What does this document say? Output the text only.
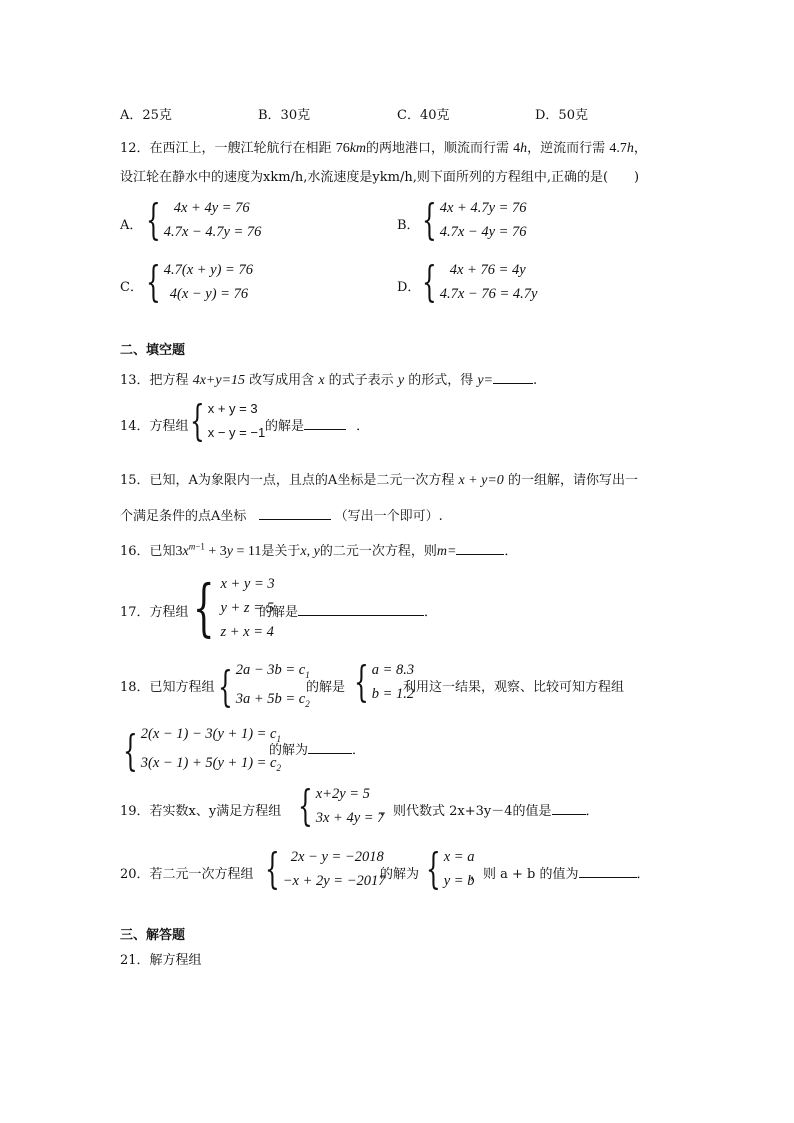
A．25克	B．30克	C．40克	D．50克
12．在西江上，一艘江轮航行在相距 76km的两地港口，顺流而行需 4h，逆流而行需 4.7h，
设江轮在静水中的速度为xkm/h,水流速度是ykm/h,则下面所列的方程组中,正确的是(　　)
A． { 4x + 4y = 76
4.7x − 4.7y = 76	B． { 4x + 4.7y = 76
4.7x − 4y = 76
C． { 4.7(x + y) = 76
4(x − y) = 76	D． { 4x + 76 = 4y
4.7x − 76 = 4.7y
二、填空题
13．把方程 4x+y=15 改写成用含 x 的式子表示 y 的形式，得 y=	.
14．方程组 { x + y = 3
x − y = −1 的解是	．
15．已知，A为象限内一点，且点的A坐标是二元一次方程 x + y=0 的一组解，请你写出一
个满足条件的点A坐标	（写出一个即可）.
16．已知$3x^{m-1} + 3y = 11$是关于x, y的二元一次方程，则m=	．
17．方程组 { x + y = 3
y + z = 5
z + x = 4
的解是	．
18．已知方程组 { $2a - 3b = c_1$
$3a + 5b = c_2$
的解是 { a = 8.3
b = 1.2
利用这一结果，观察、比较可知方程组
{ $2(x - 1) - 3(y + 1) = c_1$
$3(x - 1) + 5(y + 1) = c_2$
的解为	．
19．若实数x、y满足方程组 { x+2y = 5
3x + 4y = 7
，则代数式 2x+3y－4的值是	．
20．若二元一次方程组 { 2x − y = −2018
−x + 2y = −2017
的解为 { x = a
y = b
，则 a + b 的值为	．
三、解答题
21．解方程组
